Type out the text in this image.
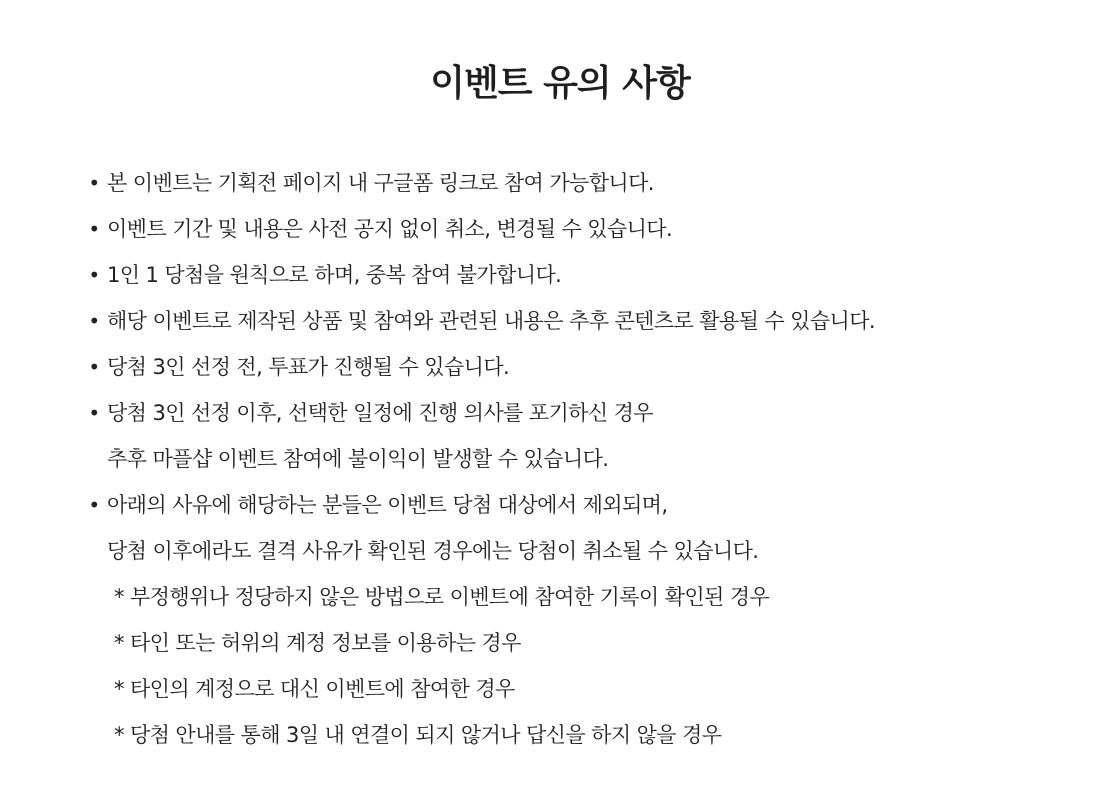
이벤트 유의 사항
• 본 이벤트는 기획전 페이지 내 구글폼 링크로 참여 가능합니다.
• 이벤트 기간 및 내용은 사전 공지 없이 취소, 변경될 수 있습니다.
• 1인 1 당첨을 원칙으로 하며, 중복 참여 불가합니다.
• 해당 이벤트로 제작된 상품 및 참여와 관련된 내용은 추후 콘텐츠로 활용될 수 있습니다.
• 당첨 3인 선정 전, 투표가 진행될 수 있습니다.
• 당첨 3인 선정 이후, 선택한 일정에 진행 의사를 포기하신 경우
추후 마플샵 이벤트 참여에 불이익이 발생할 수 있습니다.
• 아래의 사유에 해당하는 분들은 이벤트 당첨 대상에서 제외되며,
당첨 이후에라도 결격 사유가 확인된 경우에는 당첨이 취소될 수 있습니다.
* 부정행위나 정당하지 않은 방법으로 이벤트에 참여한 기록이 확인된 경우
* 타인 또는 허위의 계정 정보를 이용하는 경우
* 타인의 계정으로 대신 이벤트에 참여한 경우
* 당첨 안내를 통해 3일 내 연결이 되지 않거나 답신을 하지 않을 경우
